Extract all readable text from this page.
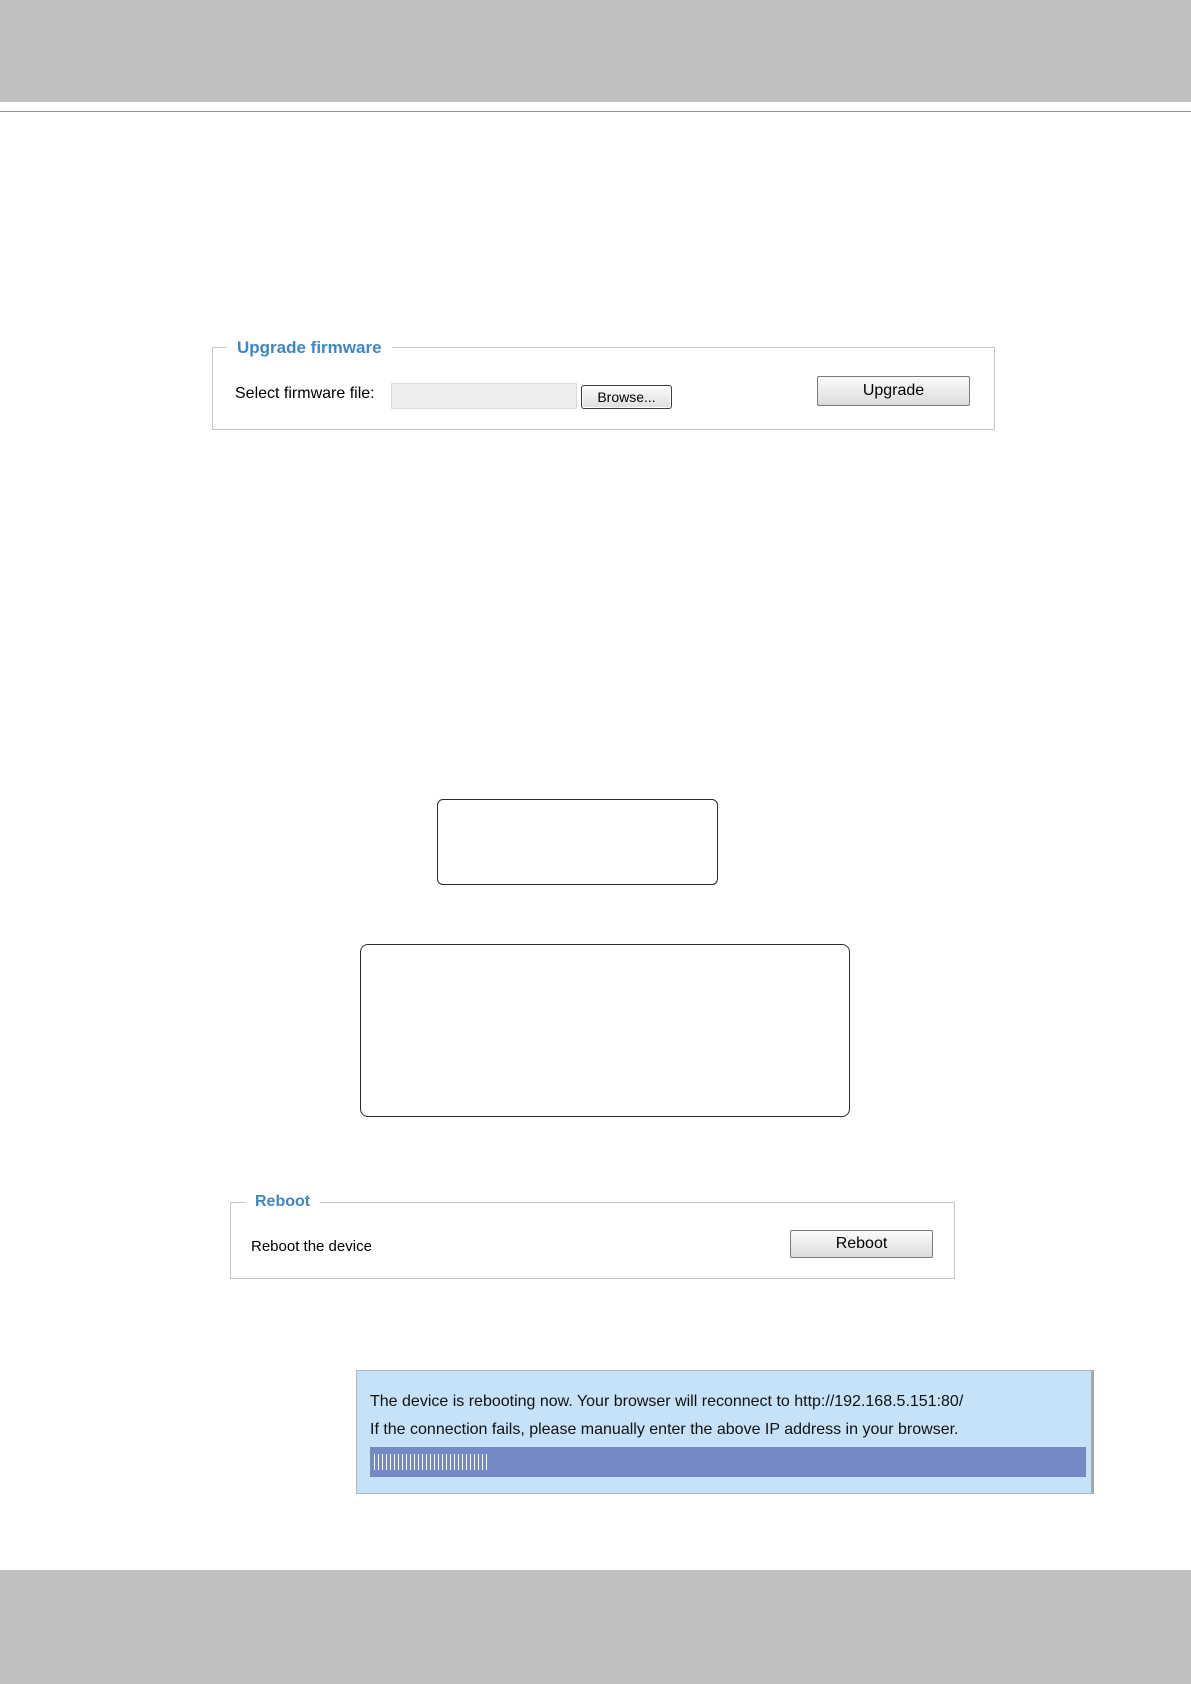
Upgrade firmware
Select firmware file:	Browse...	Upgrade
Reboot
Reboot the device	Reboot
The device is rebooting now. Your browser will reconnect to http://192.168.5.151:80/
If the connection fails, please manually enter the above IP address in your browser.
